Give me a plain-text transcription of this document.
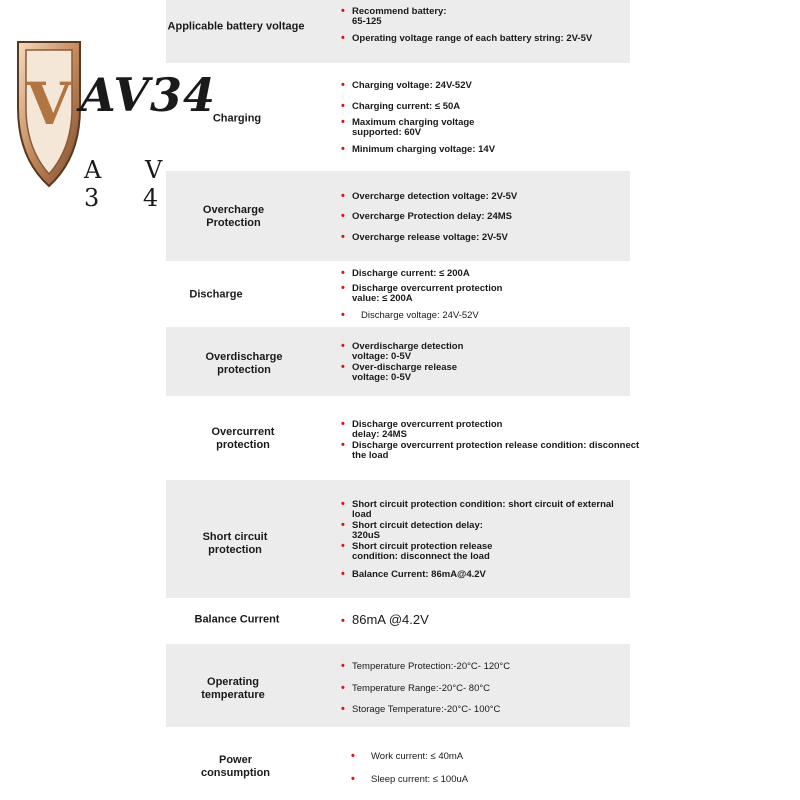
Applicable battery voltage
• Recommend battery: 65-125
• Operating voltage range of each battery string: 2V-5V
Charging
• Charging voltage: 24V-52V
• Charging current: ≤ 50A
• Maximum charging voltage supported: 60V
• Minimum charging voltage: 14V
Overcharge Protection
• Overcharge detection voltage: 2V-5V
• Overcharge Protection delay: 24MS
• Overcharge release voltage: 2V-5V
Discharge
• Discharge current: ≤ 200A
• Discharge overcurrent protection value: ≤ 200A
• Discharge voltage: 24V-52V
Overdischarge protection
• Overdischarge detection voltage: 0-5V
• Over-discharge release voltage: 0-5V
Overcurrent protection
• Discharge overcurrent protection delay: 24MS
• Discharge overcurrent protection release condition: disconnect the load
Short circuit protection
• Short circuit protection condition: short circuit of external load
• Short circuit detection delay: 320uS
• Short circuit protection release condition: disconnect the load
• Balance Current: 86mA@4.2V
Balance Current	• 86mA @4.2V
Operating temperature
• Temperature Protection:-20°C- 120°C
• Temperature Range:-20°C- 80°C
• Storage Temperature:-20°C- 100°C
Power consumption
• Work current: ≤ 40mA
• Sleep current: ≤ 100uA
V AV34
A V 3 4
